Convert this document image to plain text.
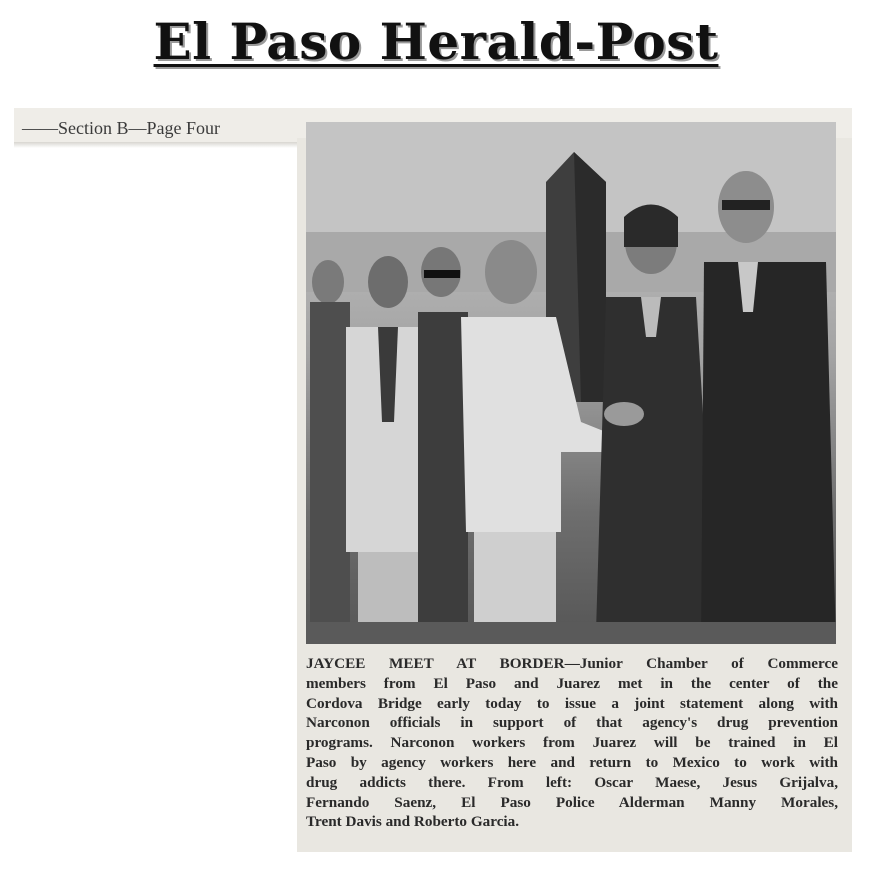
El Paso Herald-Post
——Section B—Page Four
JAYCEE MEET AT BORDER—Junior Chamber of Commerce
members from El Paso and Juarez met in the center of the
Cordova Bridge early today to issue a joint statement along with
Narconon officials in support of that agency's drug prevention
programs. Narconon workers from Juarez will be trained in El
Paso by agency workers here and return to Mexico to work with
drug addicts there. From left: Oscar Maese, Jesus Grijalva,
Fernando Saenz, El Paso Police Alderman Manny Morales,
Trent Davis and Roberto Garcia.
